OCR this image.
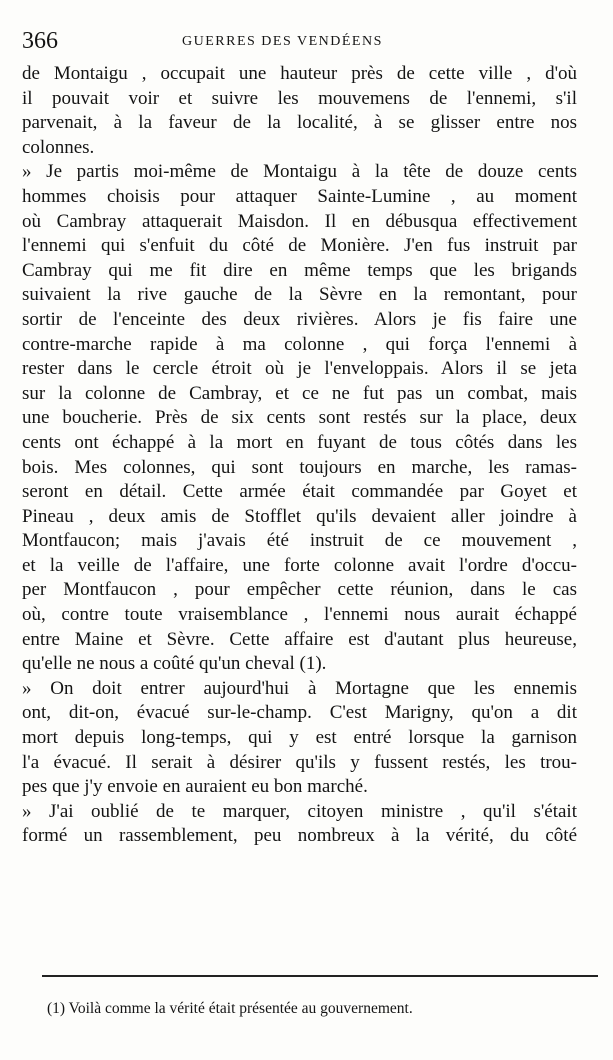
366	GUERRES DES VENDÉENS
de Montaigu , occupait une hauteur près de cette ville , d'où
il pouvait voir et suivre les mouvemens de l'ennemi, s'il
parvenait, à la faveur de la localité, à se glisser entre nos
colonnes.
» Je partis moi-même de Montaigu à la tête de douze cents
hommes choisis pour attaquer Sainte-Lumine , au moment
où Cambray attaquerait Maisdon. Il en débusqua effectivement
l'ennemi qui s'enfuit du côté de Monière. J'en fus instruit par
Cambray qui me fit dire en même temps que les brigands
suivaient la rive gauche de la Sèvre en la remontant, pour
sortir de l'enceinte des deux rivières. Alors je fis faire une
contre-marche rapide à ma colonne , qui força l'ennemi à
rester dans le cercle étroit où je l'enveloppais. Alors il se jeta
sur la colonne de Cambray, et ce ne fut pas un combat, mais
une boucherie. Près de six cents sont restés sur la place, deux
cents ont échappé à la mort en fuyant de tous côtés dans les
bois. Mes colonnes, qui sont toujours en marche, les ramas-
seront en détail. Cette armée était commandée par Goyet et
Pineau , deux amis de Stofflet qu'ils devaient aller joindre à
Montfaucon; mais j'avais été instruit de ce mouvement ,
et la veille de l'affaire, une forte colonne avait l'ordre d'occu-
per Montfaucon , pour empêcher cette réunion, dans le cas
où, contre toute vraisemblance , l'ennemi nous aurait échappé
entre Maine et Sèvre. Cette affaire est d'autant plus heureuse,
qu'elle ne nous a coûté qu'un cheval (1).
» On doit entrer aujourd'hui à Mortagne que les ennemis
ont, dit-on, évacué sur-le-champ. C'est Marigny, qu'on a dit
mort depuis long-temps, qui y est entré lorsque la garnison
l'a évacué. Il serait à désirer qu'ils y fussent restés, les trou-
pes que j'y envoie en auraient eu bon marché.
» J'ai oublié de te marquer, citoyen ministre , qu'il s'était
formé un rassemblement, peu nombreux à la vérité, du côté
(1) Voilà comme la vérité était présentée au gouvernement.
